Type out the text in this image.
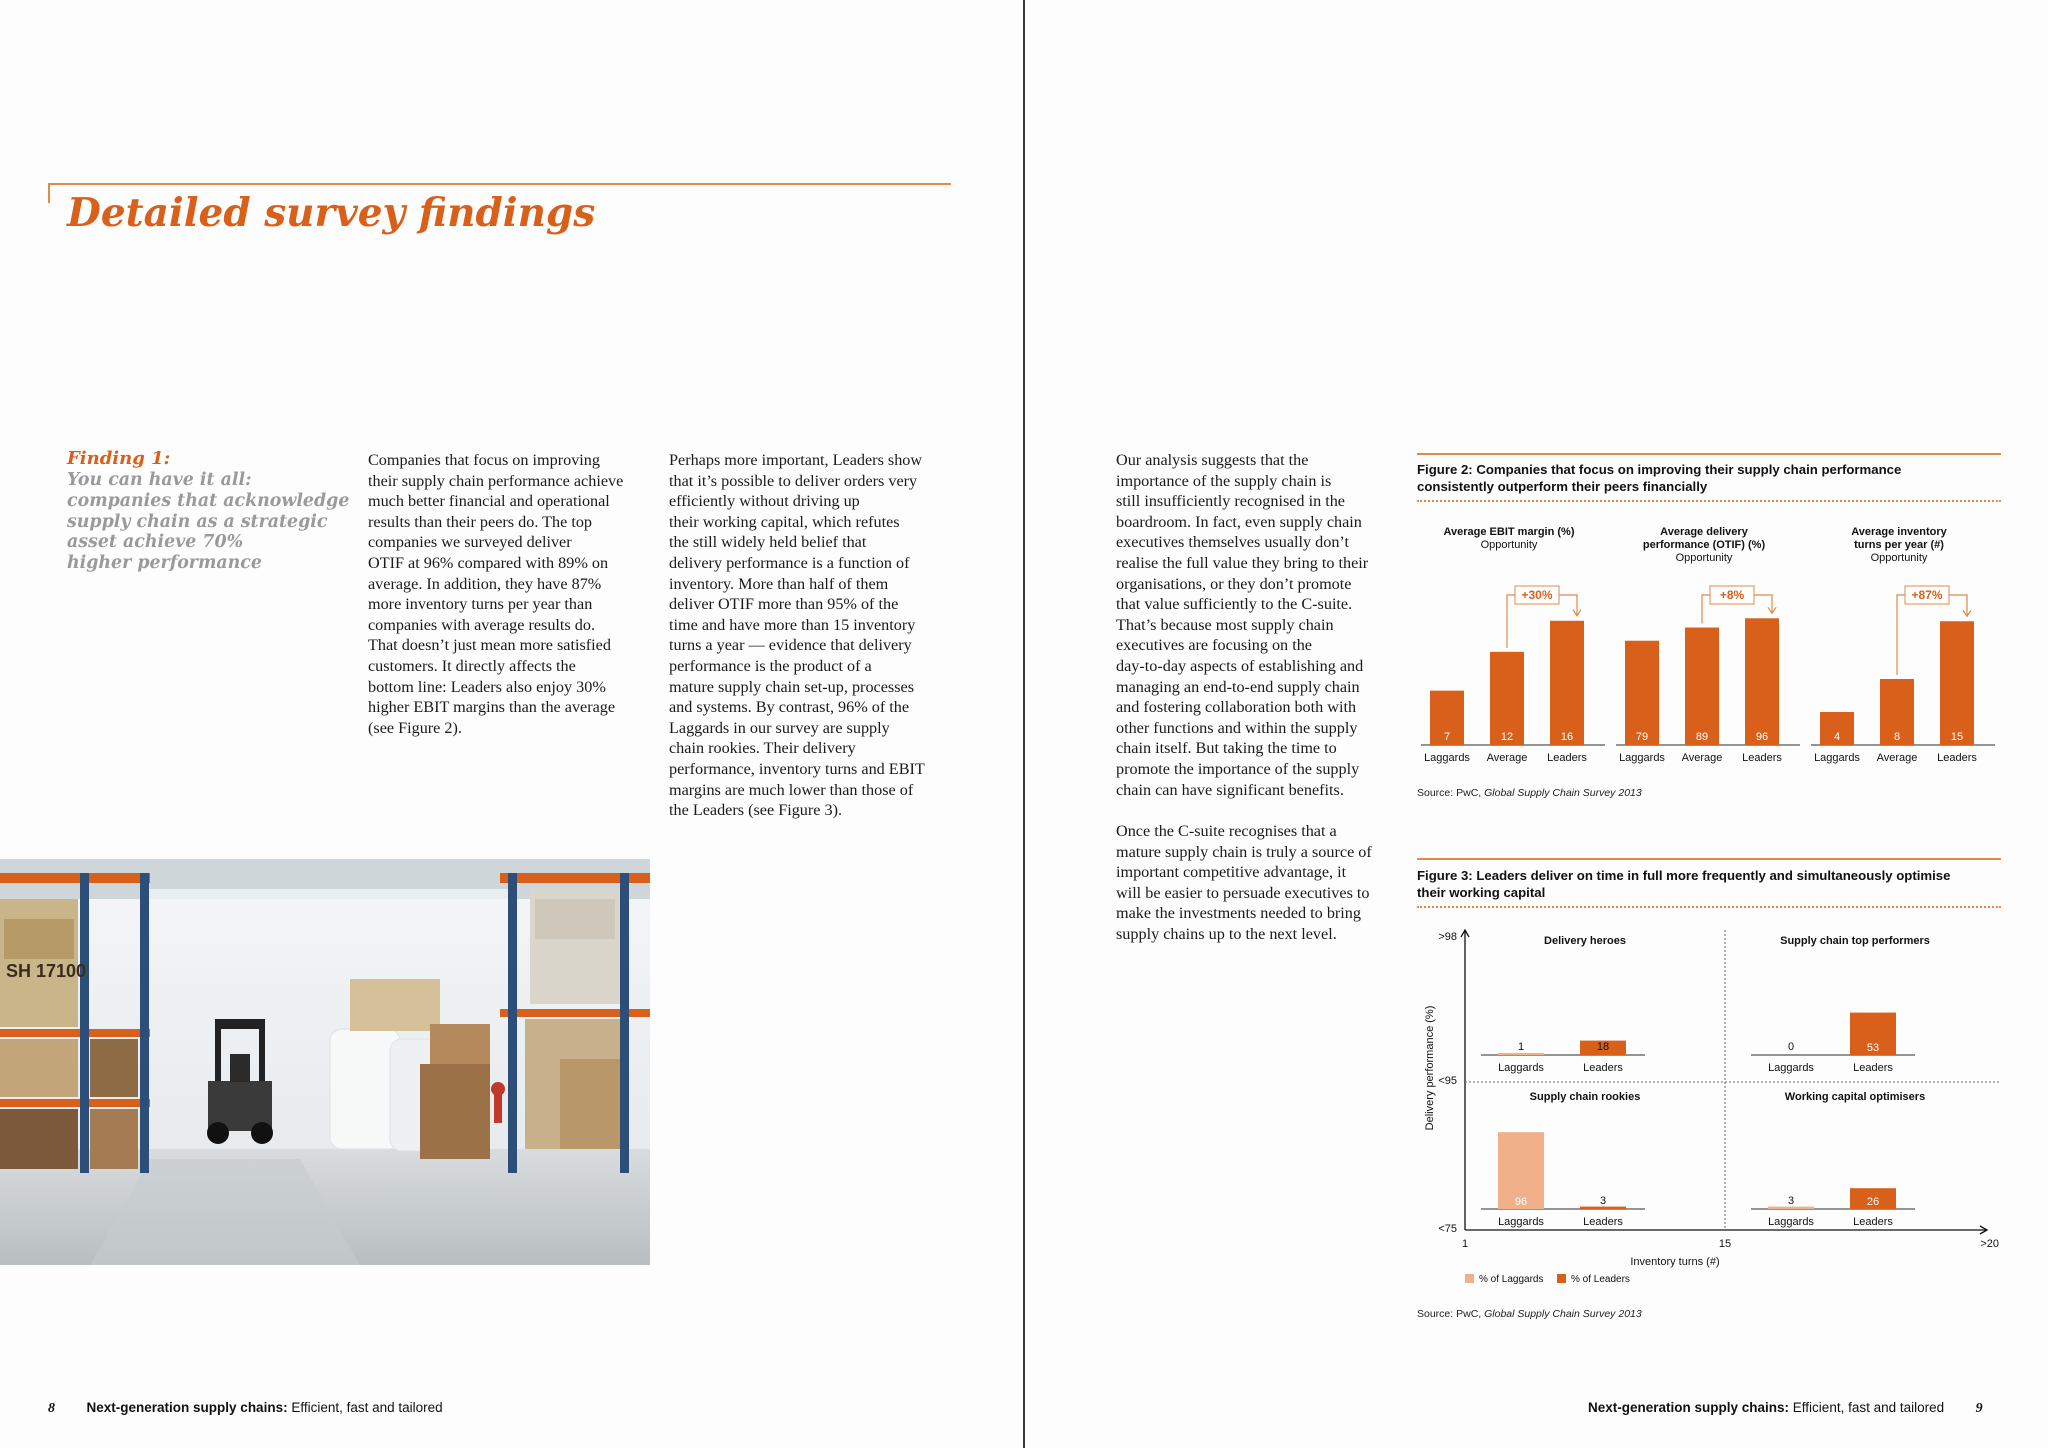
Detailed survey findings
Finding 1:
You can have it all:
companies that acknowledge
supply chain as a strategic
asset achieve 70%
higher performance
Companies that focus on improving
their supply chain performance achieve
much better financial and operational
results than their peers do. The top
companies we surveyed deliver
OTIF at 96% compared with 89% on
average. In addition, they have 87%
more inventory turns per year than
companies with average results do.
That doesn’t just mean more satisfied
customers. It directly affects the
bottom line: Leaders also enjoy 30%
higher EBIT margins than the average
(see Figure 2).
Perhaps more important, Leaders show
that it’s possible to deliver orders very
efficiently without driving up
their working capital, which refutes
the still widely held belief that
delivery performance is a function of
inventory. More than half of them
deliver OTIF more than 95% of the
time and have more than 15 inventory
turns a year — evidence that delivery
performance is the product of a
mature supply chain set-up, processes
and systems. By contrast, 96% of the
Laggards in our survey are supply
chain rookies. Their delivery
performance, inventory turns and EBIT
margins are much lower than those of
the Leaders (see Figure 3).
SH 17100
8 Next-generation supply chains: Efficient, fast and tailored
Our analysis suggests that the
importance of the supply chain is
still insufficiently recognised in the
boardroom. In fact, even supply chain
executives themselves usually don’t
realise the full value they bring to their
organisations, or they don’t promote
that value sufficiently to the C-suite.
That’s because most supply chain
executives are focusing on the
day-to-day aspects of establishing and
managing an end-to-end supply chain
and fostering collaboration both with
other functions and within the supply
chain itself. But taking the time to
promote the importance of the supply
chain can have significant benefits.
Once the C-suite recognises that a
mature supply chain is truly a source of
important competitive advantage, it
will be easier to persuade executives to
make the investments needed to bring
supply chains up to the next level.
Figure 2: Companies that focus on improving their supply chain performance
consistently outperform their peers financially
Average EBIT margin (%)
Opportunity
7
Laggards
12
Average
16
Leaders
+30%
Average delivery
performance (OTIF) (%)
Opportunity
79
Laggards
89
Average
96
Leaders
+8%
Average inventory
turns per year (#)
Opportunity
4
Laggards
8
Average
15
Leaders
+87%
Source: PwC, Global Supply Chain Survey 2013
Figure 3: Leaders deliver on time in full more frequently and simultaneously optimise
their working capital
>98
<95
<75
1	15	>20
Delivery performance (%)
Inventory turns (#)
Delivery heroes
1
Laggards
18
Leaders
Supply chain top performers
0
Laggards
53
Leaders
Supply chain rookies
96
Laggards
3
Leaders
Working capital optimisers
3
Laggards
26
Leaders
% of Laggards	% of Leaders
Source: PwC, Global Supply Chain Survey 2013
Next-generation supply chains: Efficient, fast and tailored 9
